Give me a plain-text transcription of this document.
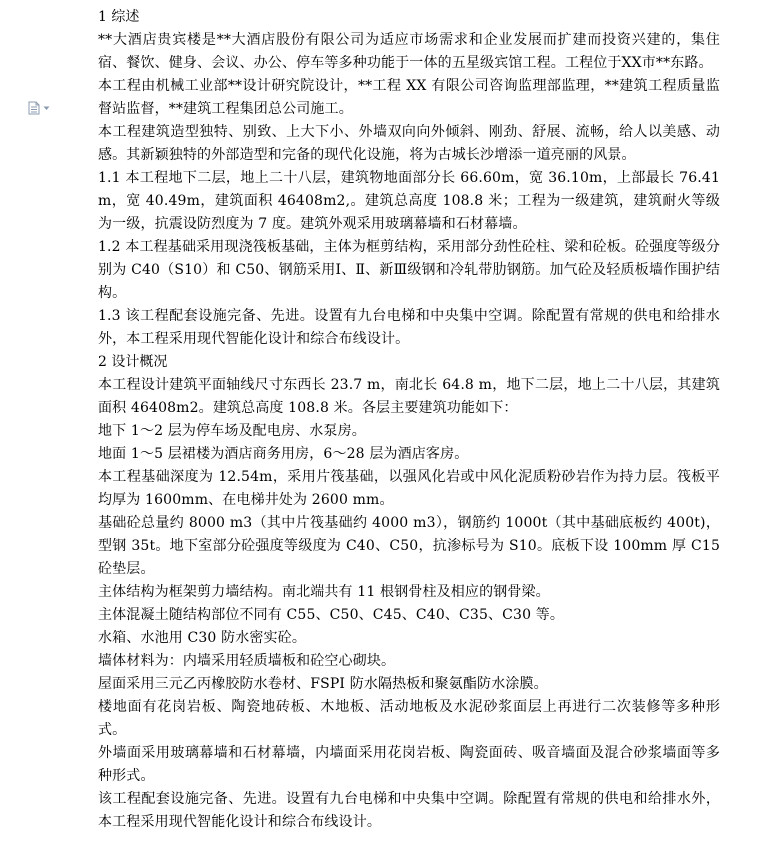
1 综述

**大酒店贵宾楼是**大酒店股份有限公司为适应市场需求和企业发展而扩建而投资兴建的，集住宿、餐饮、健身、会议、办公、停车等多种功能于一体的五星级宾馆工程。工程位于XX市**东路。

本工程由机械工业部**设计研究院设计，**工程 XX 有限公司咨询监理部监理，**建筑工程质量监督站监督，**建筑工程集团总公司施工。

本工程建筑造型独特、别致、上大下小、外墙双向向外倾斜、刚劲、舒展、流畅，给人以美感、动感。其新颖独特的外部造型和完备的现代化设施，将为古城长沙增添一道亮丽的风景。

1.1 本工程地下二层，地上二十八层，建筑物地面部分长 66.60m，宽 36.10m，上部最长 76.41m，宽 40.49m，建筑面积 46408m2,。建筑总高度 108.8 米；工程为一级建筑，建筑耐火等级为一级，抗震设防烈度为 7 度。建筑外观采用玻璃幕墙和石材幕墙。

1.2 本工程基础采用现浇筏板基础，主体为框剪结构，采用部分劲性砼柱、梁和砼板。砼强度等级分别为 C40（S10）和 C50、钢筋采用Ⅰ、Ⅱ、新Ⅲ级钢和冷轧带肋钢筋。加气砼及轻质板墙作围护结构。

1.3 该工程配套设施完备、先进。设置有九台电梯和中央集中空调。除配置有常规的供电和给排水外，本工程采用现代智能化设计和综合布线设计。

2 设计概况

本工程设计建筑平面轴线尺寸东西长 23.7 m，南北长 64.8 m，地下二层，地上二十八层，其建筑面积 46408m2。建筑总高度 108.8 米。各层主要建筑功能如下：

地下 1～2 层为停车场及配电房、水泵房。

地面 1～5 层裙楼为酒店商务用房，6～28 层为酒店客房。

本工程基础深度为 12.54m，采用片筏基础，以强风化岩或中风化泥质粉砂岩作为持力层。筏板平均厚为 1600mm、在电梯井处为 2600 mm。

基础砼总量约 8000 m3（其中片筏基础约 4000 m3），钢筋约 1000t（其中基础底板约 400t)，型钢 35t。地下室部分砼强度等级度为 C40、C50，抗渗标号为 S10。底板下设 100mm 厚 C15 砼垫层。

主体结构为框架剪力墙结构。南北端共有 11 根钢骨柱及相应的钢骨梁。

主体混凝土随结构部位不同有 C55、C50、C45、C40、C35、C30 等。

水箱、水池用 C30 防水密实砼。

墙体材料为：内墙采用轻质墙板和砼空心砌块。

屋面采用三元乙丙橡胶防水卷材、FSPI 防水隔热板和聚氨酯防水涂膜。

楼地面有花岗岩板、陶瓷地砖板、木地板、活动地板及水泥砂浆面层上再进行二次装修等多种形式。

外墙面采用玻璃幕墙和石材幕墙，内墙面采用花岗岩板、陶瓷面砖、吸音墙面及混合砂浆墙面等多种形式。

该工程配套设施完备、先进。设置有九台电梯和中央集中空调。除配置有常规的供电和给排水外，本工程采用现代智能化设计和综合布线设计。
